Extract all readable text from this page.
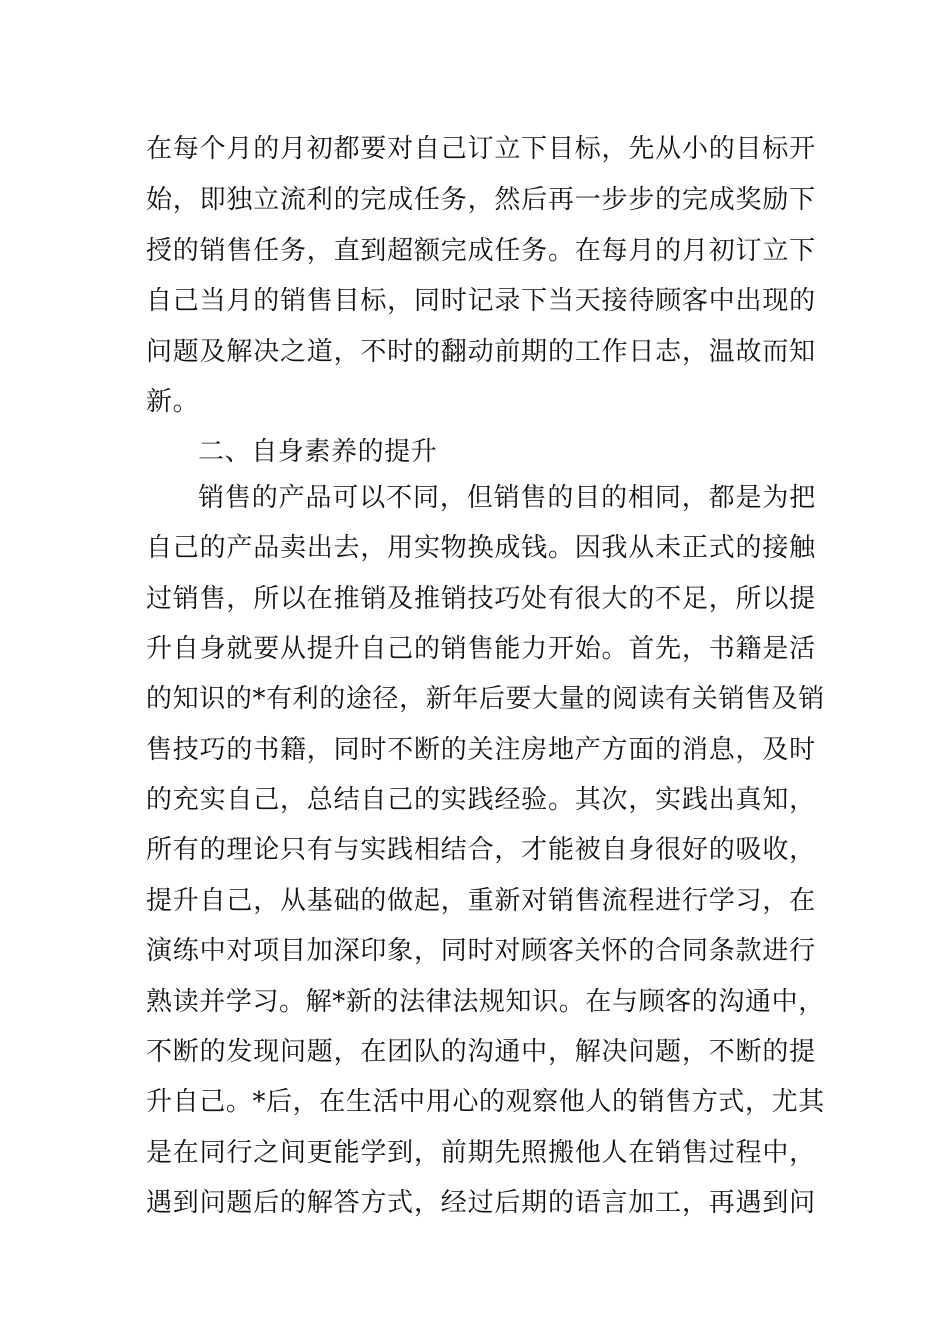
在 每 个 月 的 月 初 都 要 对 自 己 订 立 下 目 标 ， 先 从 小 的 目 标 开
始 ， 即 独 立 流 利 的 完 成 任 务 ， 然 后 再 一 步 步 的 完 成 奖 励 下
授 的 销 售 任 务 ， 直 到 超 额 完 成 任 务 。 在 每 月 的 月 初 订 立 下
自 己 当 月 的 销 售 目 标 ， 同 时 记 录 下 当 天 接 待 顾 客 中 出 现 的
问 题 及 解 决 之 道 ， 不 时 的 翻 动 前 期 的 工 作 日 志 ， 温 故 而 知
新。
二、自身素养的提升
销 售 的 产 品 可 以 不 同 ， 但 销 售 的 目 的 相 同 ， 都 是 为 把
自 己 的 产 品 卖 出 去 ， 用 实 物 换 成 钱 。 因 我 从 未 正 式 的 接 触
过 销 售 ， 所 以 在 推 销 及 推 销 技 巧 处 有 很 大 的 不 足 ， 所 以 提
升 自 身 就 要 从 提 升 自 己 的 销 售 能 力 开 始 。 首 先 ， 书 籍 是 活
的 知 识 的 * 有 利 的 途 径 ， 新 年 后 要 大 量 的 阅 读 有 关 销 售 及 销
售 技 巧 的 书 籍 ， 同 时 不 断 的 关 注 房 地 产 方 面 的 消 息 ， 及 时
的 充 实 自 己 ， 总 结 自 己 的 实 践 经 验 。 其 次 ， 实 践 出 真 知 ，
所 有 的 理 论 只 有 与 实 践 相 结 合 ， 才 能 被 自 身 很 好 的 吸 收 ，
提 升 自 己 ， 从 基 础 的 做 起 ， 重 新 对 销 售 流 程 进 行 学 习 ， 在
演 练 中 对 项 目 加 深 印 象 ， 同 时 对 顾 客 关 怀 的 合 同 条 款 进 行
熟 读 并 学 习 。 解 * 新 的 法 律 法 规 知 识 。 在 与 顾 客 的 沟 通 中 ，
不 断 的 发 现 问 题 ， 在 团 队 的 沟 通 中 ， 解 决 问 题 ， 不 断 的 提
升 自 己 。 * 后 ， 在 生 活 中 用 心 的 观 察 他 人 的 销 售 方 式 ， 尤 其
是 在 同 行 之 间 更 能 学 到 ， 前 期 先 照 搬 他 人 在 销 售 过 程 中 ，
遇 到 问 题 后 的 解 答 方 式 ， 经 过 后 期 的 语 言 加 工 ， 再 遇 到 问
